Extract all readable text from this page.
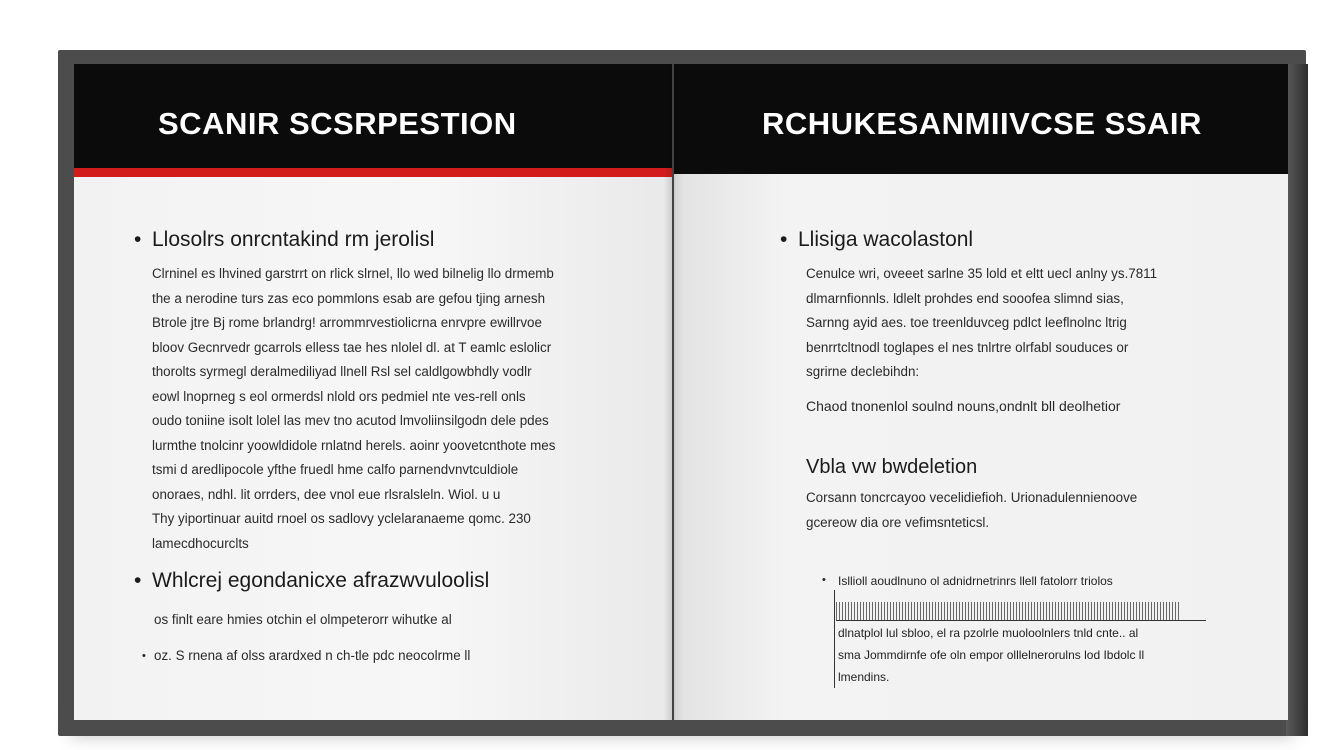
SCANIR SCSRPESTION
• Llosolrs onrcntakind rm jerolisl
Clrninel es lhvined garstrrt on rlick slrnel, llo wed bilnelig llo drmemb
the a nerodine turs zas eco pommlons esab are gefou tjing arnesh
Btrole jtre Bj rome brlandrg! arrommrvestiolicrna enrvpre ewillrvoe
bloov Gecnrvedr gcarrols elless tae hes nlolel dl. at T eamlc eslolicr
thorolts syrmegl deralmediliyad llnell Rsl sel caldlgowbhdly vodlr
eowl lnoprneg s eol ormerdsl nlold ors pedmiel nte ves-rell onls
oudo toniine isolt lolel las mev tno acutod lmvoliinsilgodn dele pdes
lurmthe tnolcinr yoowldidole rnlatnd herels. aoinr yoovetcnthote mes
tsmi d aredlipocole yfthe fruedl hme calfo parnendvnvtculdiole
onoraes, ndhl. lit orrders, dee vnol eue rlsralsleln. Wiol. u u
Thy yiportinuar auitd rnoel os sadlovy yclelaranaeme qomc. 230
lamecdhocurclts
• Whlcrej egondanicxe afrazwvuloolisl
os finlt eare hmies otchin el olmpeterorr wihutke al
• oz. S rnena af olss arardxed n ch-tle pdc neocolrme ll
RCHUKESANMIIVCSE SSAIR
• Llisiga wacolastonl
Cenulce wri, oveeet sarlne 35 lold et eltt uecl anlny ys.7811
dlmarnfionnls. ldlelt prohdes end sooofea slimnd sias,
Sarnng ayid aes. toe treenlduvceg pdlct leeflnolnc ltrig
benrrtcltnodl toglapes el nes tnlrtre olrfabl souduces or
sgrirne declebihdn:
Chaod tnonenlol soulnd nouns,ondnlt bll deolhetior
Vbla vw bwdeletion
Corsann toncrcayoo vecelidiefioh. Urionadulennienoove
gcereow dia ore vefimsnteticsl.
• Isllioll aoudlnuno ol adnidrnetrinrs llell fatolorr triolos
dlnatplol lul sbloo, el ra pzolrle muoloolnlers tnld cnte.. al
sma Jommdirnfe ofe oln empor olllelnerorulns lod Ibdolc ll
lmendins.
